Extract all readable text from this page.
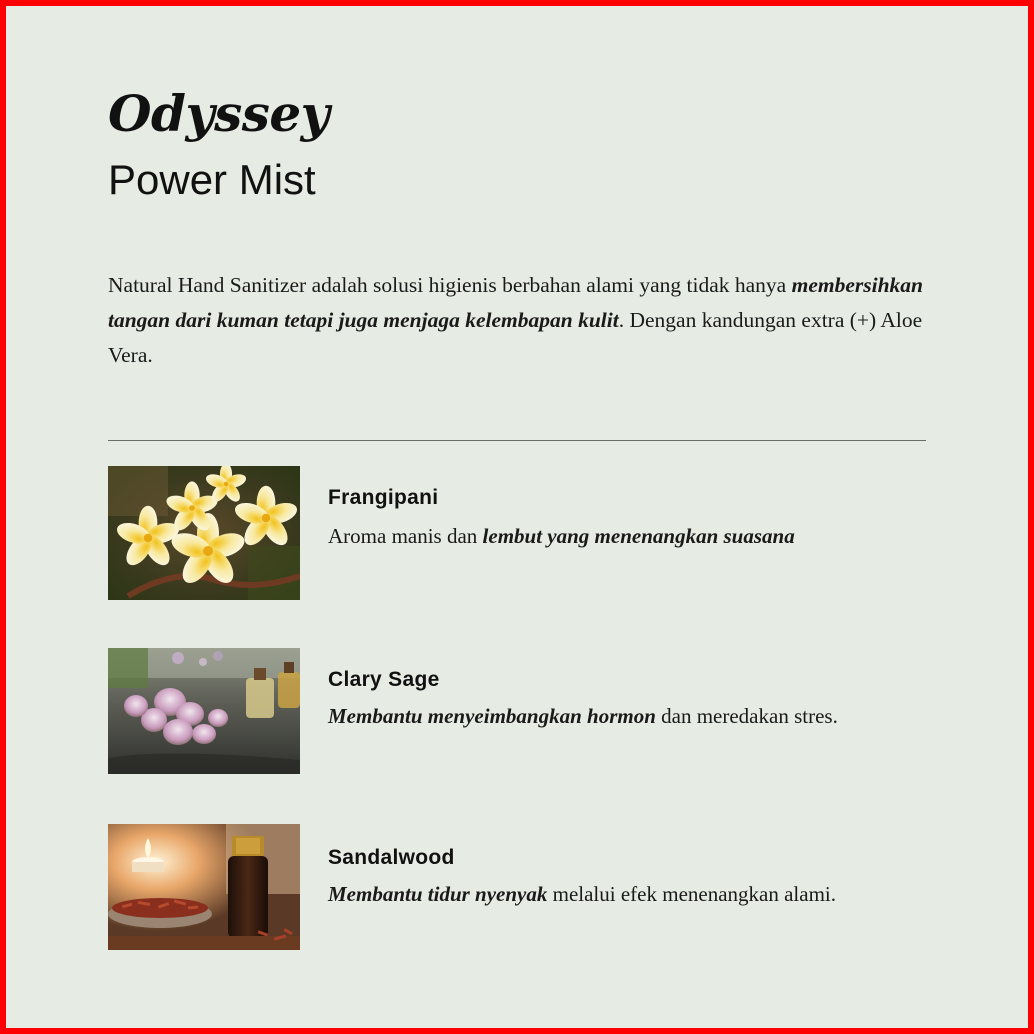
Odyssey
Power Mist
Natural Hand Sanitizer adalah solusi higienis berbahan alami yang tidak hanya membersihkan tangan dari kuman tetapi juga menjaga kelembapan kulit. Dengan kandungan extra (+) Aloe Vera.
Frangipani
Aroma manis dan lembut yang menenangkan suasana
Clary Sage
Membantu menyeimbangkan hormon dan meredakan stres.
Sandalwood
Membantu tidur nyenyak melalui efek menenangkan alami.
